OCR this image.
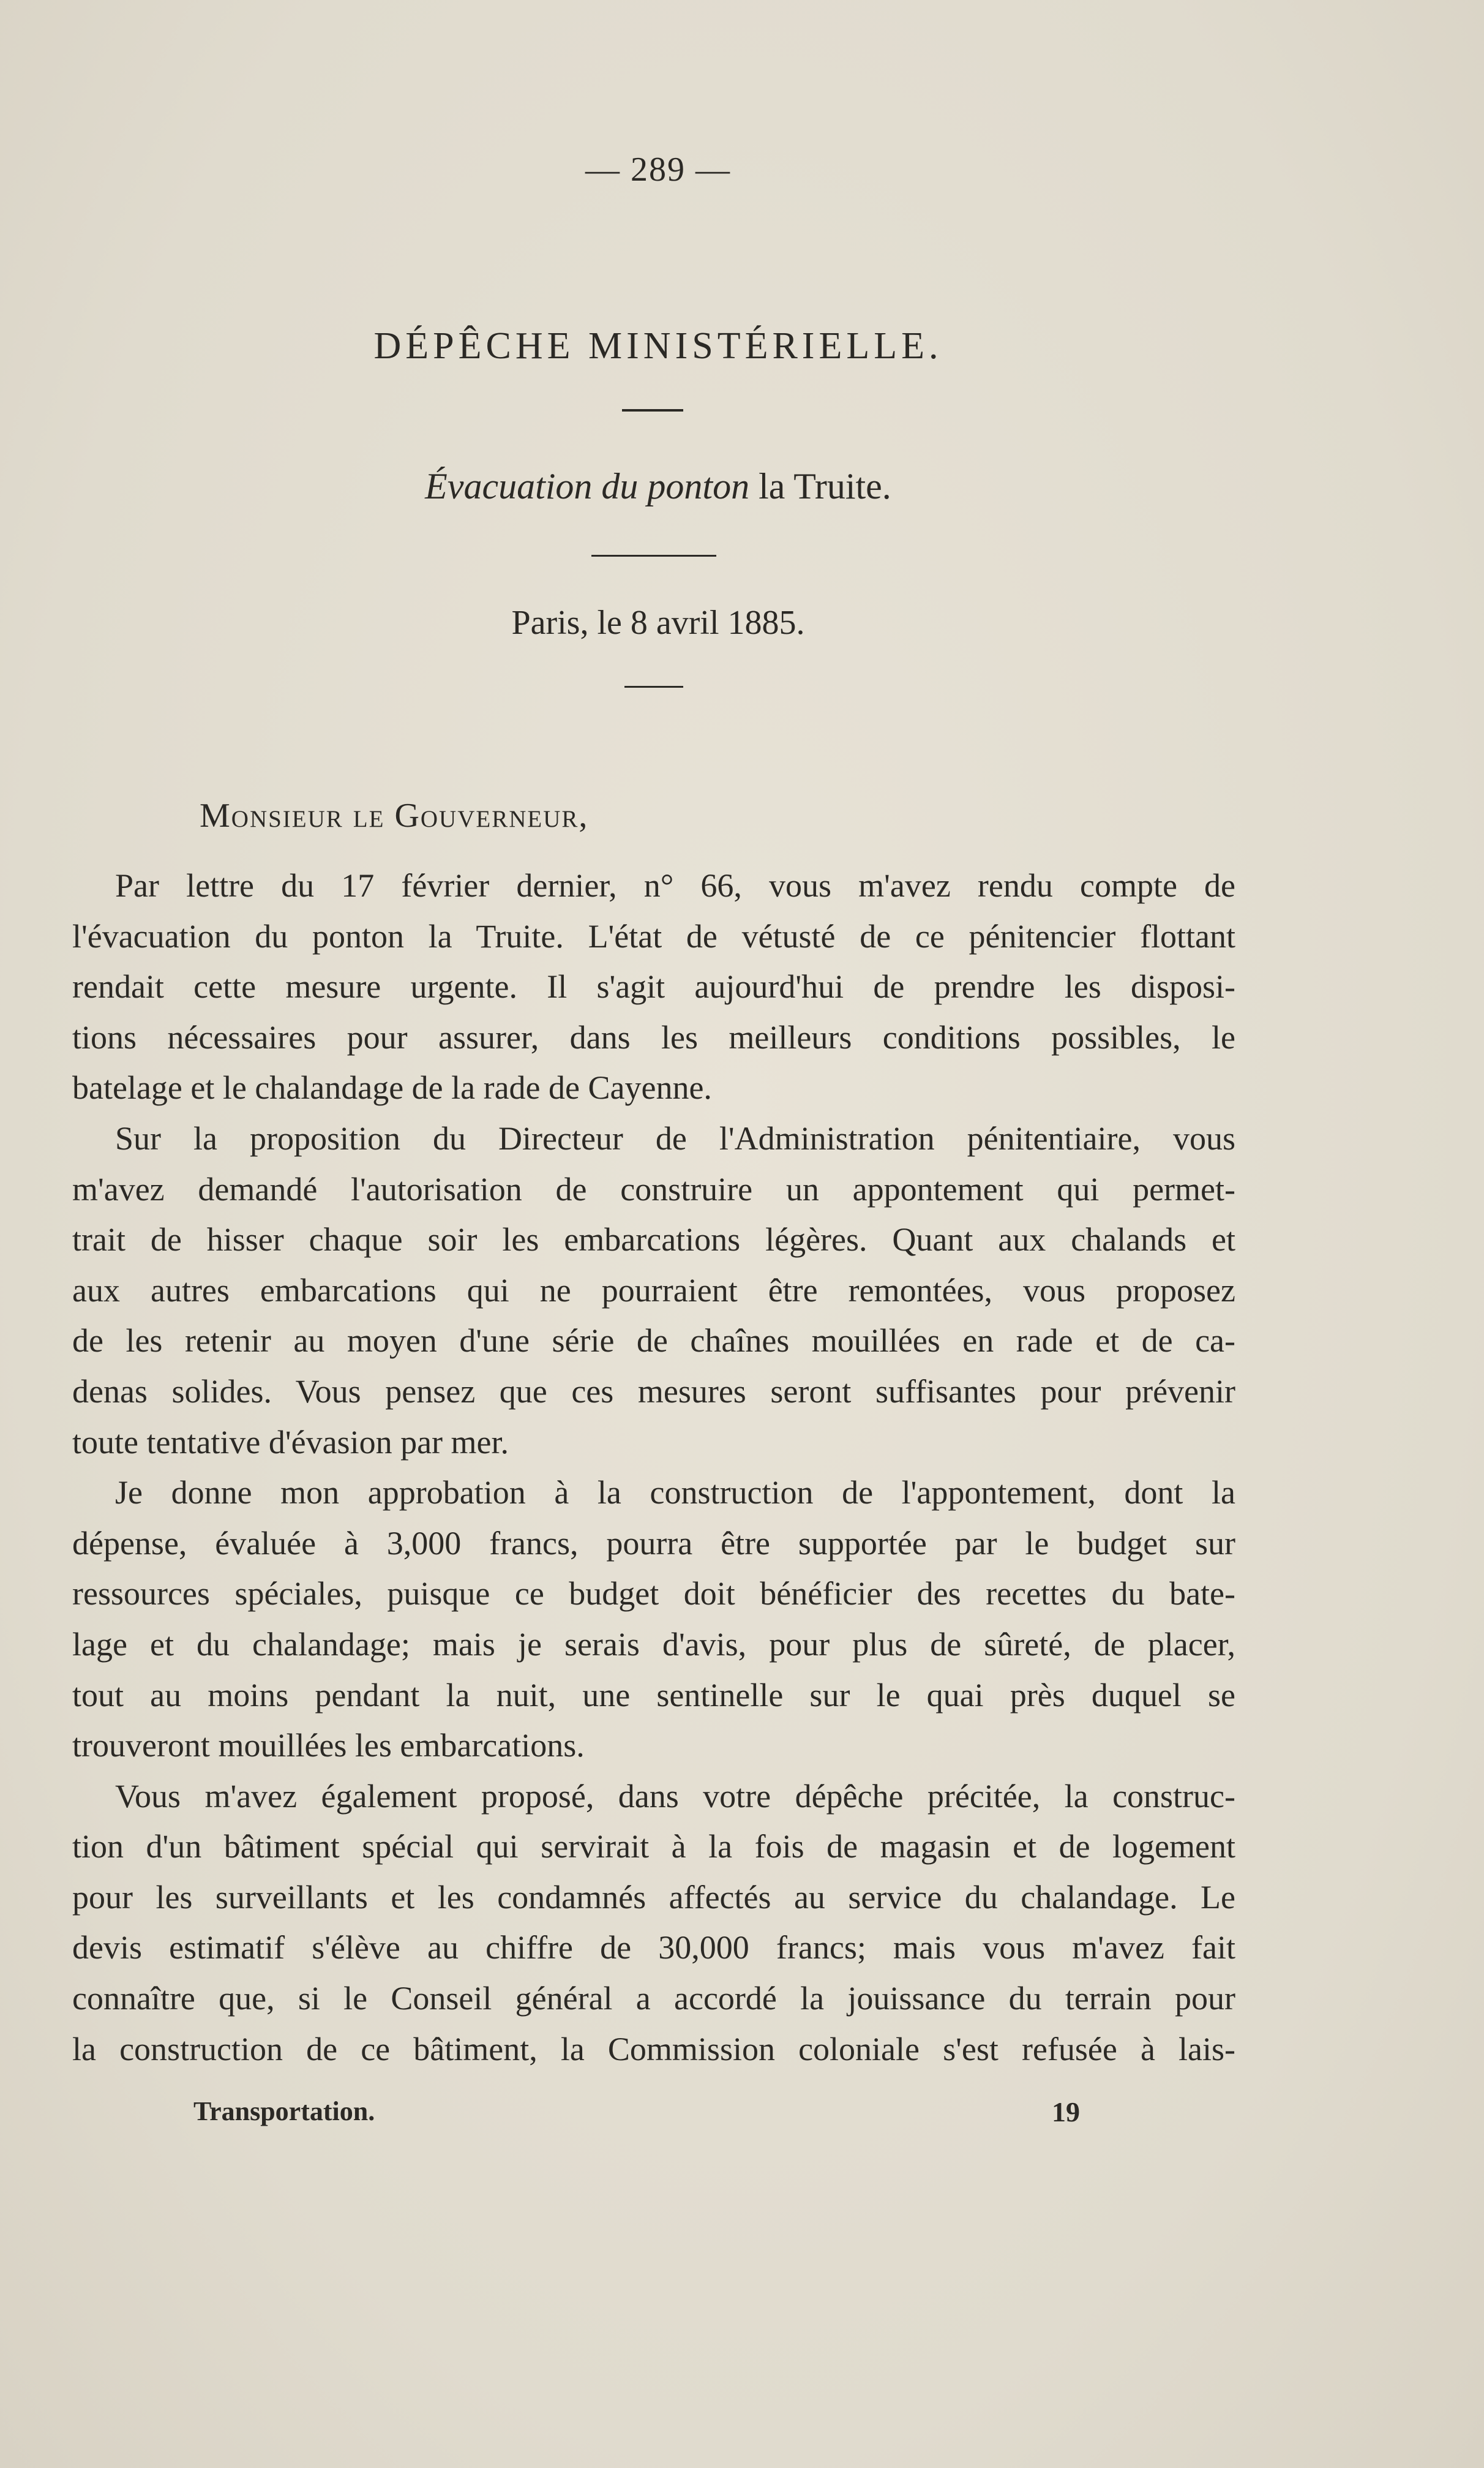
— 289 —
DÉPÊCHE MINISTÉRIELLE.
Évacuation du ponton la Truite.
Paris, le 8 avril 1885.
Monsieur le Gouverneur,
Par lettre du 17 février dernier, n° 66, vous m'avez rendu compte de
l'évacuation du ponton la Truite. L'état de vétusté de ce pénitencier flottant
rendait cette mesure urgente. Il s'agit aujourd'hui de prendre les disposi-
tions nécessaires pour assurer, dans les meilleurs conditions possibles, le
batelage et le chalandage de la rade de Cayenne.
Sur la proposition du Directeur de l'Administration pénitentiaire, vous
m'avez demandé l'autorisation de construire un appontement qui permet-
trait de hisser chaque soir les embarcations légères. Quant aux chalands et
aux autres embarcations qui ne pourraient être remontées, vous proposez
de les retenir au moyen d'une série de chaînes mouillées en rade et de ca-
denas solides. Vous pensez que ces mesures seront suffisantes pour prévenir
toute tentative d'évasion par mer.
Je donne mon approbation à la construction de l'appontement, dont la
dépense, évaluée à 3,000 francs, pourra être supportée par le budget sur
ressources spéciales, puisque ce budget doit bénéficier des recettes du bate-
lage et du chalandage; mais je serais d'avis, pour plus de sûreté, de placer,
tout au moins pendant la nuit, une sentinelle sur le quai près duquel se
trouveront mouillées les embarcations.
Vous m'avez également proposé, dans votre dépêche précitée, la construc-
tion d'un bâtiment spécial qui servirait à la fois de magasin et de logement
pour les surveillants et les condamnés affectés au service du chalandage. Le
devis estimatif s'élève au chiffre de 30,000 francs; mais vous m'avez fait
connaître que, si le Conseil général a accordé la jouissance du terrain pour
la construction de ce bâtiment, la Commission coloniale s'est refusée à lais-
Transportation.	19
